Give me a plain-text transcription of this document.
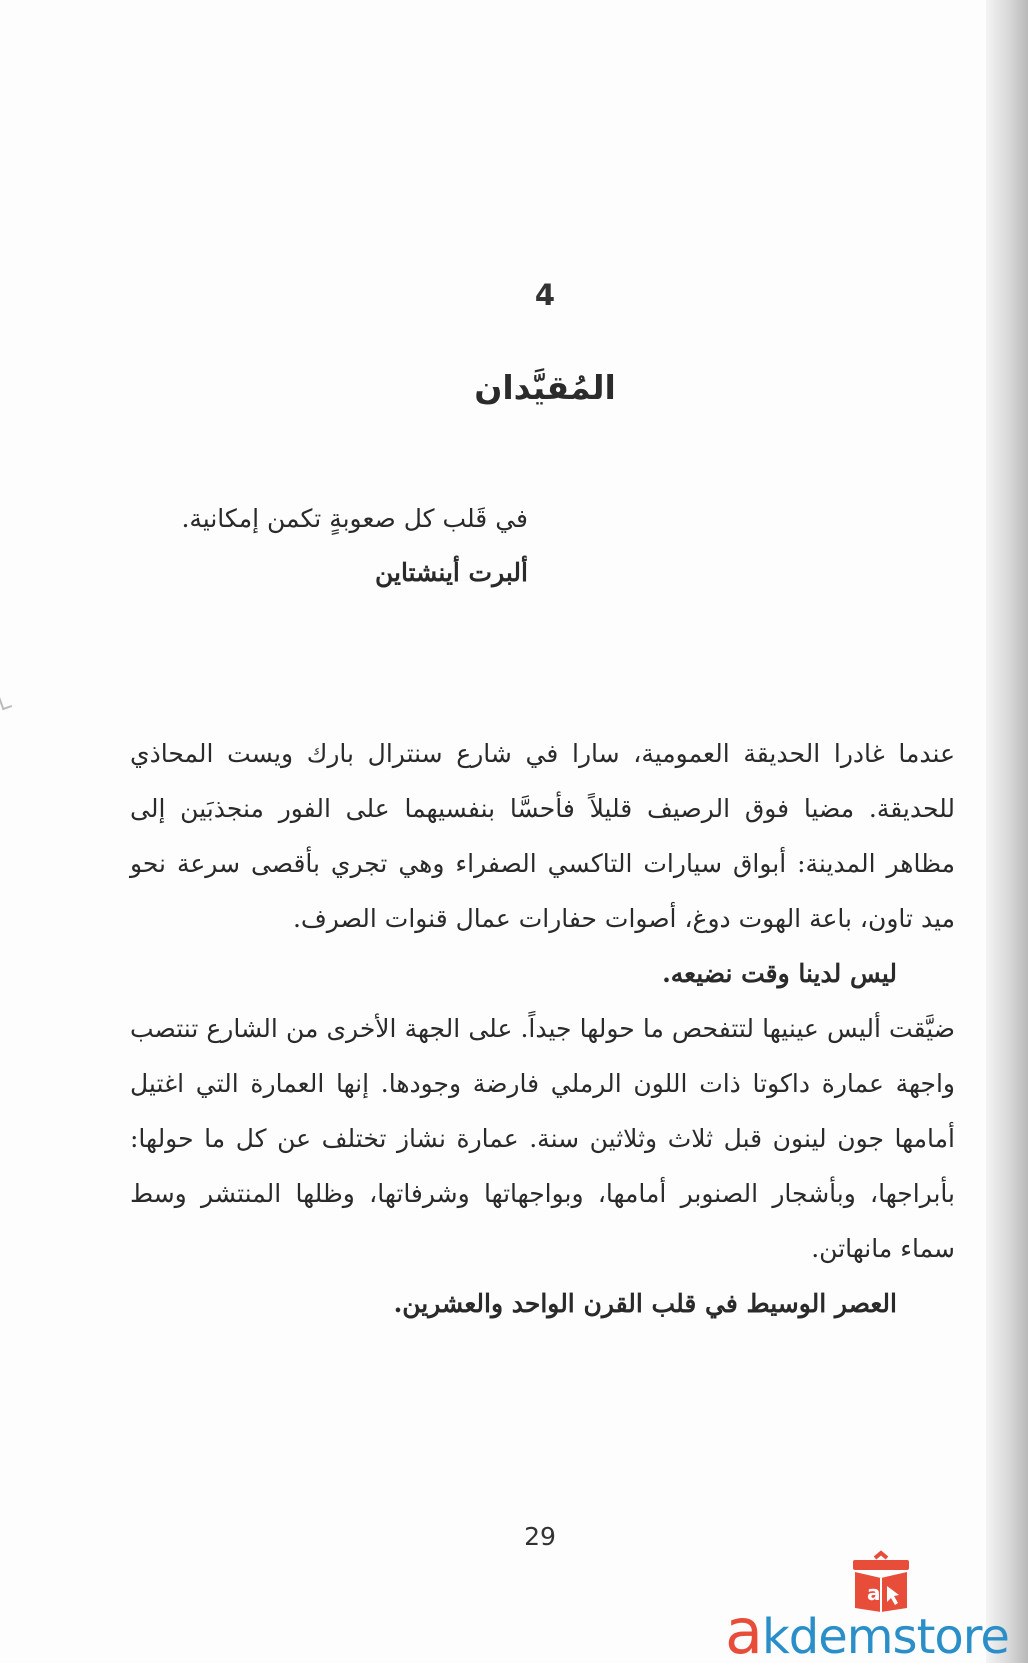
4
المُقيَّدان

في قَلب كل صعوبةٍ تكمن إمكانية.

ألبرت أينشتاين

عندما غادرا الحديقة العمومية، سارا في شارع سنترال بارك ويست المحاذي للحديقة. مضيا فوق الرصيف قليلاً فأحسَّا بنفسيهما على الفور منجذبَين إلى مظاهر المدينة: أبواق سيارات التاكسي الصفراء وهي تجري بأقصى سرعة نحو ميد تاون، باعة الهوت دوغ، أصوات حفارات عمال قنوات الصرف.

ليس لدينا وقت نضيعه.

ضيَّقت أليس عينيها لتتفحص ما حولها جيداً. على الجهة الأخرى من الشارع تنتصب واجهة عمارة داكوتا ذات اللون الرملي فارضة وجودها. إنها العمارة التي اغتيل أمامها جون لينون قبل ثلاث وثلاثين سنة. عمارة نشاز تختلف عن كل ما حولها: بأبراجها، وبأشجار الصنوبر أمامها، وبواجهاتها وشرفاتها، وظلها المنتشر وسط سماء مانهاتن.

العصر الوسيط في قلب القرن الواحد والعشرين.

29
a
akdemstore
